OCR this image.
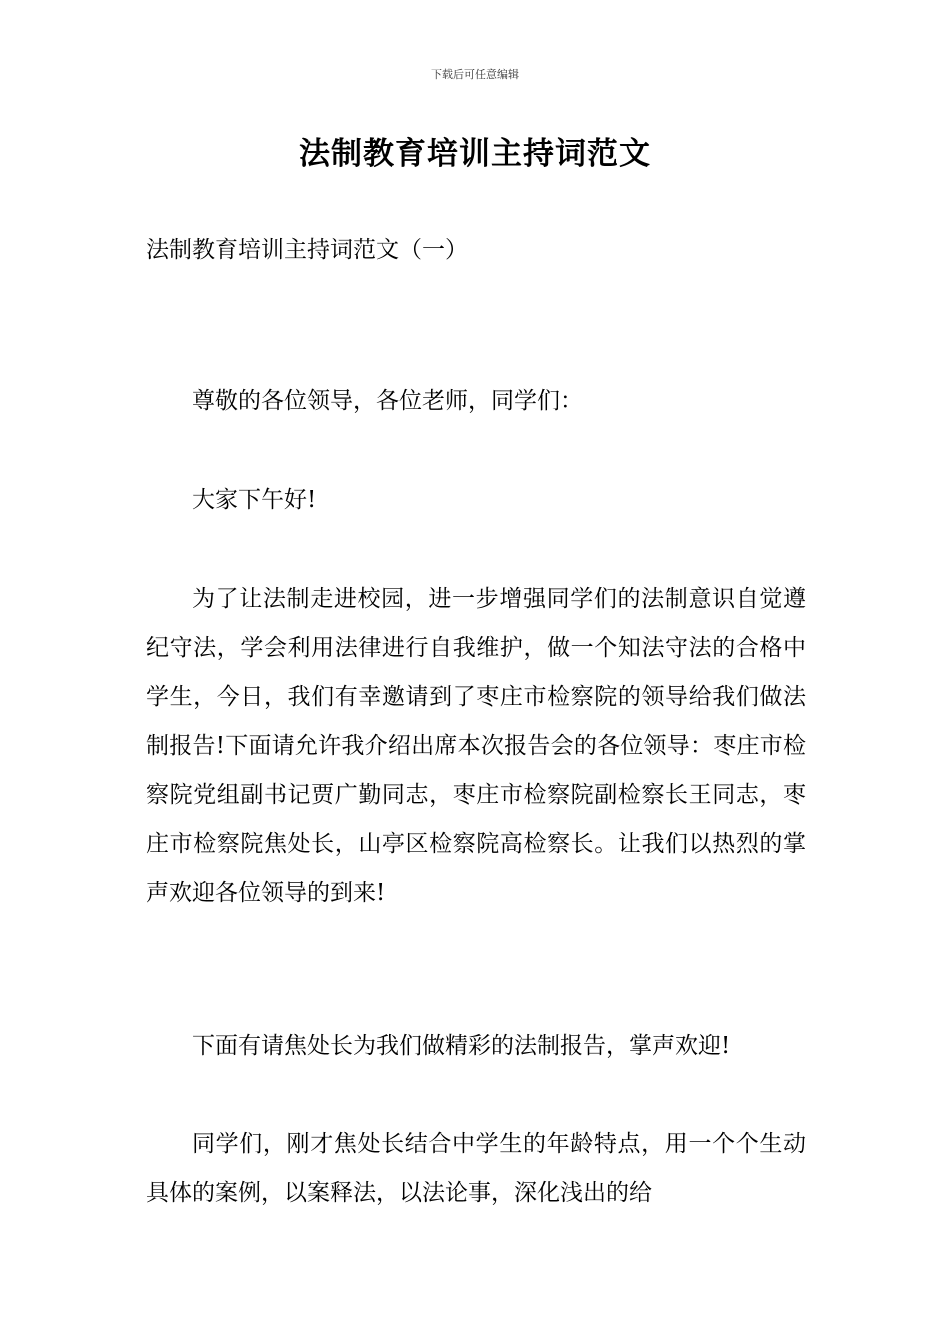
下载后可任意编辑
法制教育培训主持词范文
法制教育培训主持词范文（一）

尊敬的各位领导，各位老师，同学们：

大家下午好!

为了让法制走进校园，进一步增强同学们的法制意识自觉遵纪守法，学会利用法律进行自我维护，做一个知法守法的合格中学生，今日，我们有幸邀请到了枣庄市检察院的领导给我们做法制报告!下面请允许我介绍出席本次报告会的各位领导：枣庄市检察院党组副书记贾广勤同志，枣庄市检察院副检察长王同志，枣庄市检察院焦处长，山亭区检察院高检察长。让我们以热烈的掌声欢迎各位领导的到来!

下面有请焦处长为我们做精彩的法制报告，掌声欢迎!

同学们，刚才焦处长结合中学生的年龄特点，用一个个生动具体的案例，以案释法，以法论事，深化浅出的给
